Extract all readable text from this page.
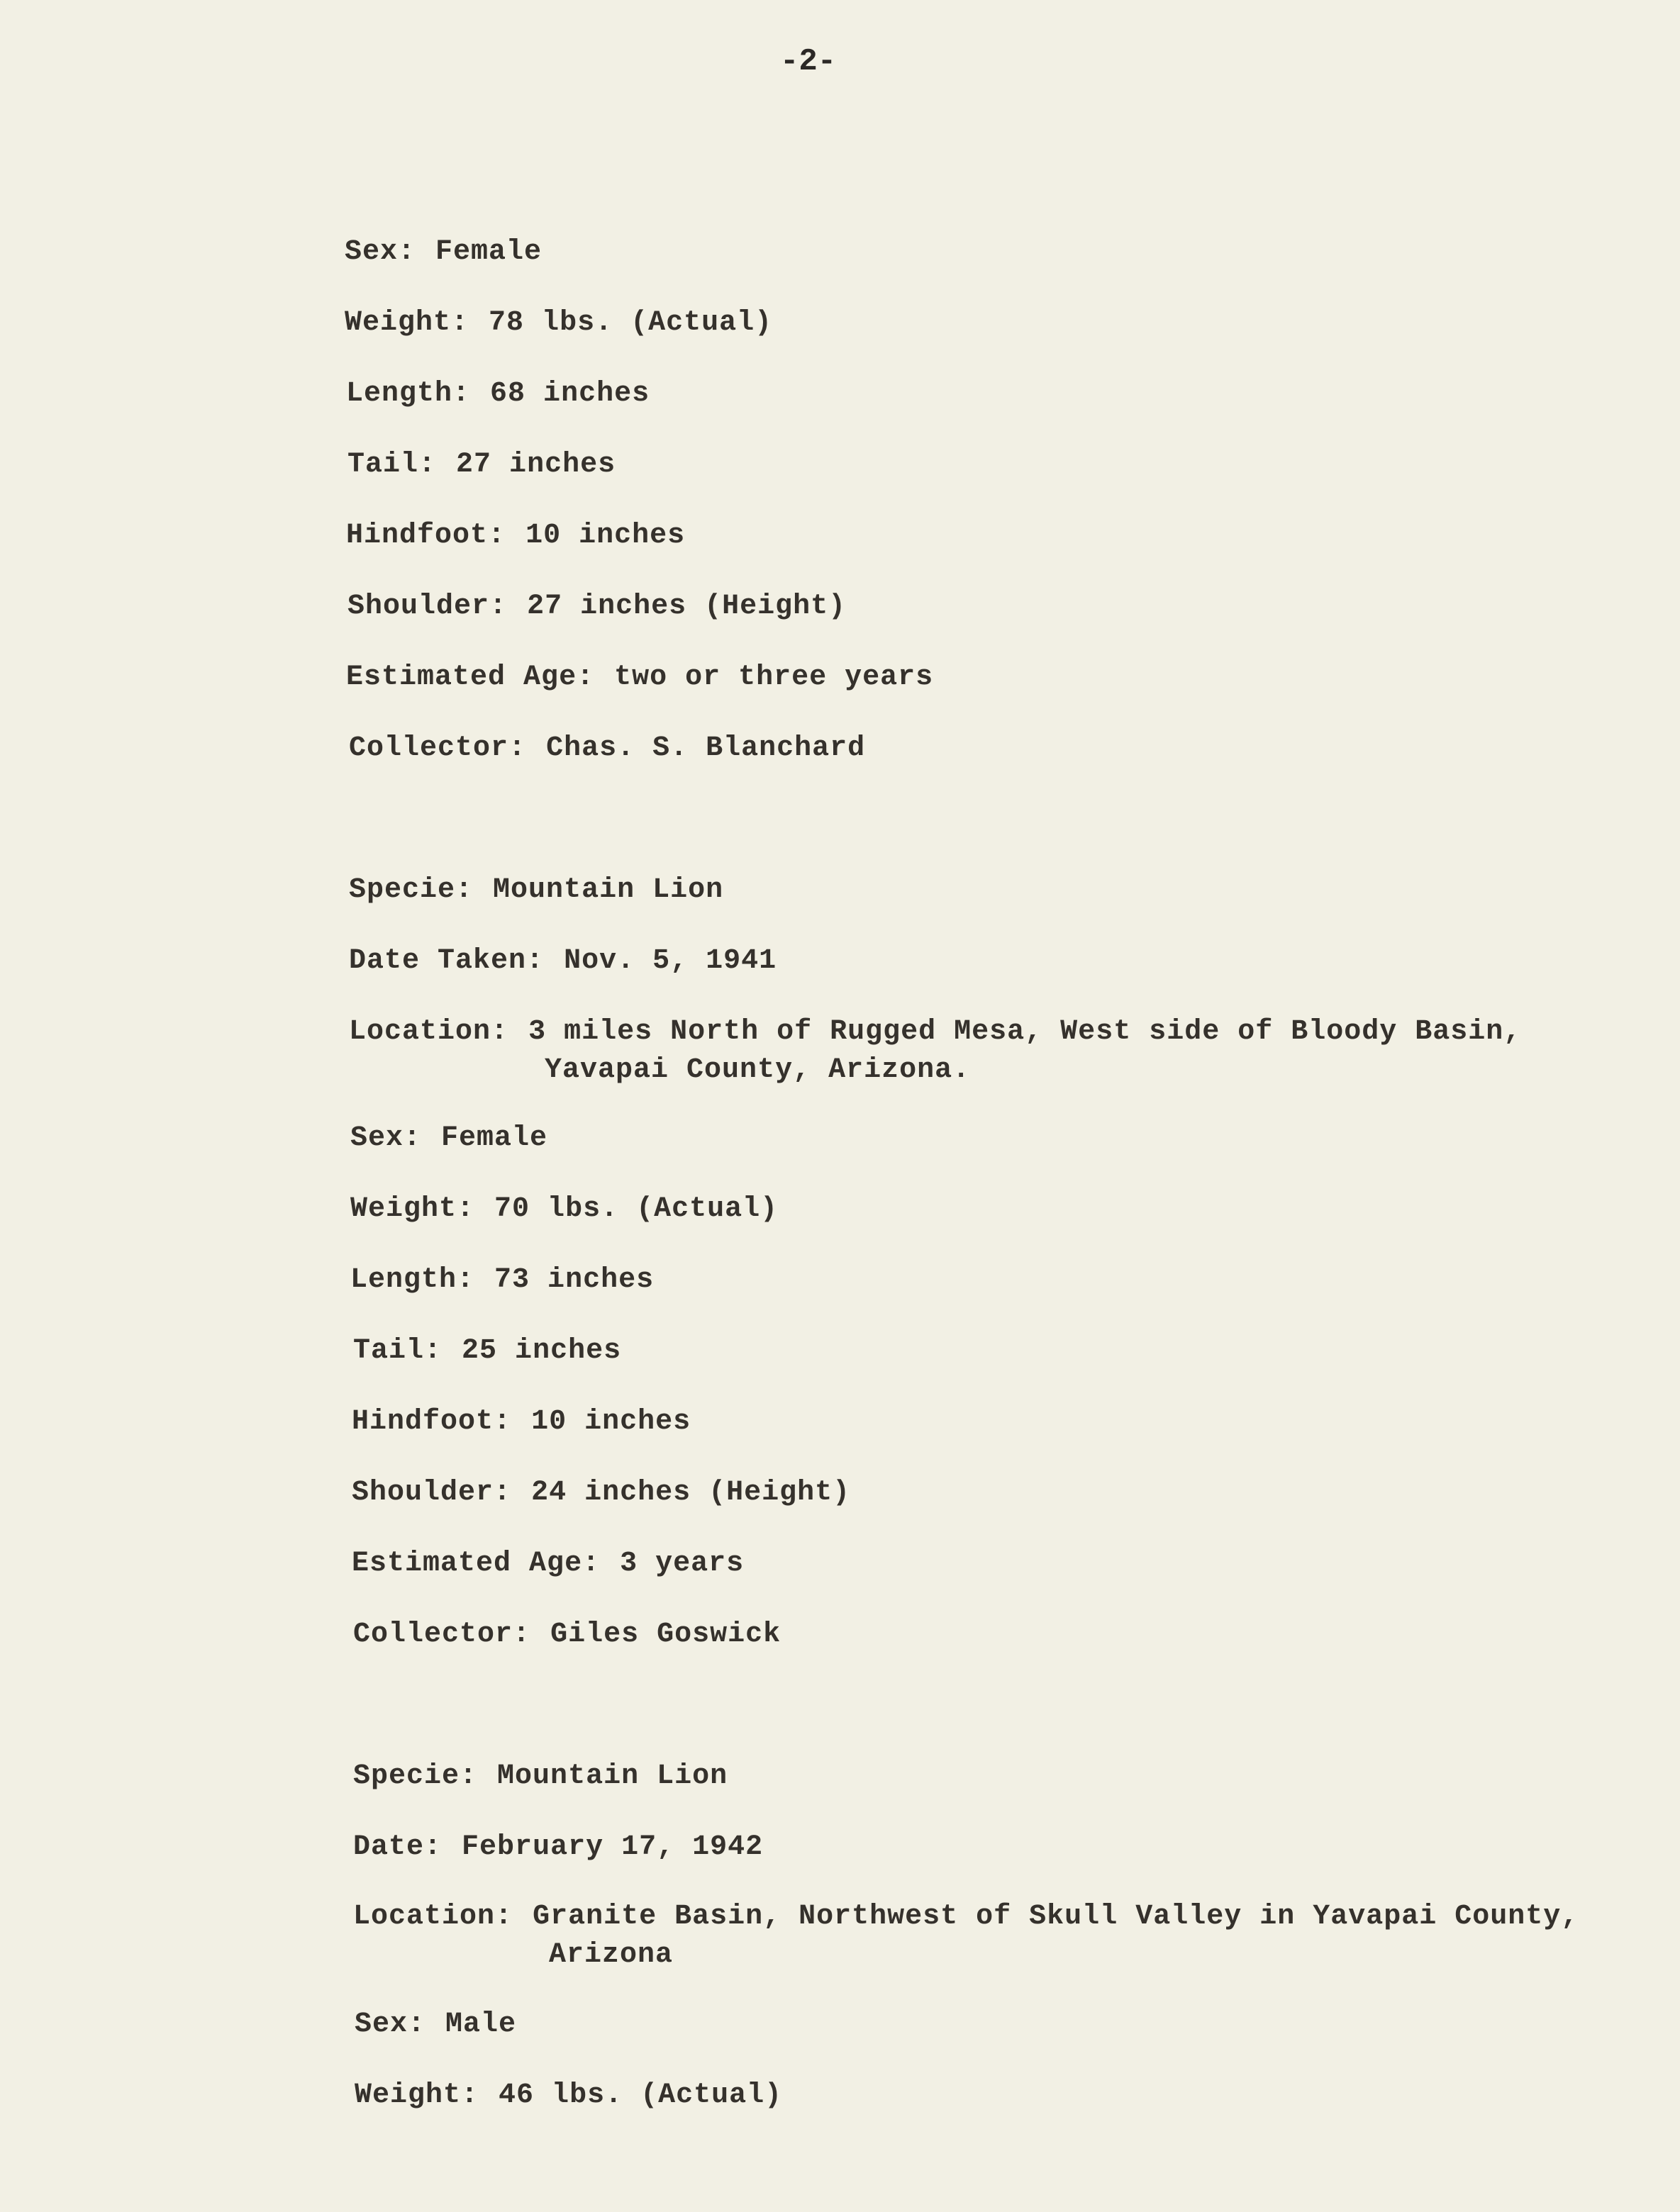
-2-

Sex: Female

Weight: 78 lbs. (Actual)

Length: 68 inches

Tail: 27 inches

Hindfoot: 10 inches

Shoulder: 27 inches (Height)

Estimated Age: two or three years

Collector: Chas. S. Blanchard

Specie: Mountain Lion

Date Taken: Nov. 5, 1941

Location: 3 miles North of Rugged Mesa, West side of Bloody Basin,

Yavapai County, Arizona.

Sex: Female

Weight: 70 lbs. (Actual)

Length: 73 inches

Tail: 25 inches

Hindfoot: 10 inches

Shoulder: 24 inches (Height)

Estimated Age: 3 years

Collector: Giles Goswick

Specie: Mountain Lion

Date: February 17, 1942

Location: Granite Basin, Northwest of Skull Valley in Yavapai County,

Arizona

Sex: Male

Weight: 46 lbs. (Actual)
